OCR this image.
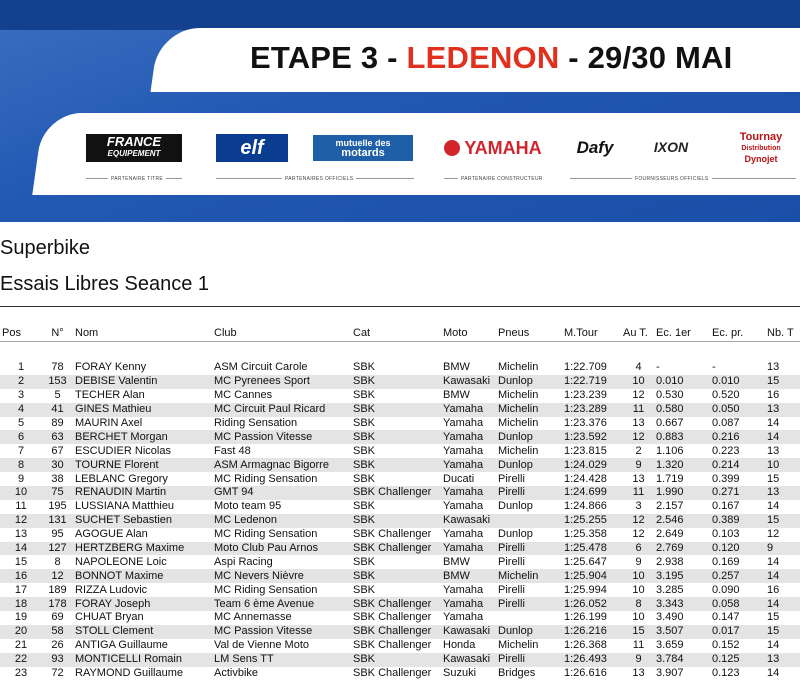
ETAPE 3 - LEDENON - 29/30 MAI
FRANCE
EQUIPEMENT	elf	mutuelle des
motards	YAMAHA Dafy	IXON
Tournay
Distribution
Dynojet
PARTENAIRE TITRE	PARTENAIRES OFFICIELS	PARTENAIRE CONSTRUCTEUR	FOURNISSEURS OFFICIELS
Superbike
Essais Libres Seance 1
Pos	N°	Nom	Club	Cat	Moto	Pneus	M.Tour	Au T.	Ec. 1er	Ec. pr.	Nb. T

1	78	FORAY Kenny	ASM Circuit Carole	SBK	BMW	Michelin	1:22.709	4	-	-	13
2	153	DEBISE Valentin	MC Pyrenees Sport	SBK	Kawasaki	Dunlop	1:22.719	10	0.010	0.010	15
3	5	TECHER Alan	MC Cannes	SBK	BMW	Michelin	1:23.239	12	0.530	0.520	16
4	41	GINES Mathieu	MC Circuit Paul Ricard	SBK	Yamaha	Michelin	1:23.289	11	0.580	0.050	13
5	89	MAURIN Axel	Riding Sensation	SBK	Yamaha	Michelin	1:23.376	13	0.667	0.087	14
6	63	BERCHET Morgan	MC Passion Vitesse	SBK	Yamaha	Dunlop	1:23.592	12	0.883	0.216	14
7	67	ESCUDIER Nicolas	Fast 48	SBK	Yamaha	Michelin	1:23.815	2	1.106	0.223	13
8	30	TOURNE Florent	ASM Armagnac Bigorre	SBK	Yamaha	Dunlop	1:24.029	9	1.320	0.214	10
9	38	LEBLANC Gregory	MC Riding Sensation	SBK	Ducati	Pirelli	1:24.428	13	1.719	0.399	15
10	75	RENAUDIN Martin	GMT 94	SBK Challenger	Yamaha	Pirelli	1:24.699	11	1.990	0.271	13
11	195	LUSSIANA Matthieu	Moto team 95	SBK	Yamaha	Dunlop	1:24.866	3	2.157	0.167	14
12	131	SUCHET Sebastien	MC Ledenon	SBK	Kawasaki		1:25.255	12	2.546	0.389	15
13	95	AGOGUE Alan	MC Riding Sensation	SBK Challenger	Yamaha	Dunlop	1:25.358	12	2.649	0.103	12
14	127	HERTZBERG Maxime	Moto Club Pau Arnos	SBK Challenger	Yamaha	Pirelli	1:25.478	6	2.769	0.120	9
15	8	NAPOLEONE Loic	Aspi Racing	SBK	BMW	Pirelli	1:25.647	9	2.938	0.169	14
16	12	BONNOT Maxime	MC Nevers Nièvre	SBK	BMW	Michelin	1:25.904	10	3.195	0.257	14
17	189	RIZZA Ludovic	MC Riding Sensation	SBK	Yamaha	Pirelli	1:25.994	10	3.285	0.090	16
18	178	FORAY Joseph	Team 6 ème Avenue	SBK Challenger	Yamaha	Pirelli	1:26.052	8	3.343	0.058	14
19	69	CHUAT Bryan	MC Annemasse	SBK Challenger	Yamaha		1:26.199	10	3.490	0.147	15
20	58	STOLL Clement	MC Passion Vitesse	SBK Challenger	Kawasaki	Dunlop	1:26.216	15	3.507	0.017	15
21	26	ANTIGA Guillaume	Val de Vienne Moto	SBK Challenger	Honda	Michelin	1:26.368	11	3.659	0.152	14
22	93	MONTICELLI Romain	LM Sens TT	SBK	Kawasaki	Pirelli	1:26.493	9	3.784	0.125	13
23	72	RAYMOND Guillaume	Activbike	SBK Challenger	Suzuki	Bridges	1:26.616	13	3.907	0.123	14
